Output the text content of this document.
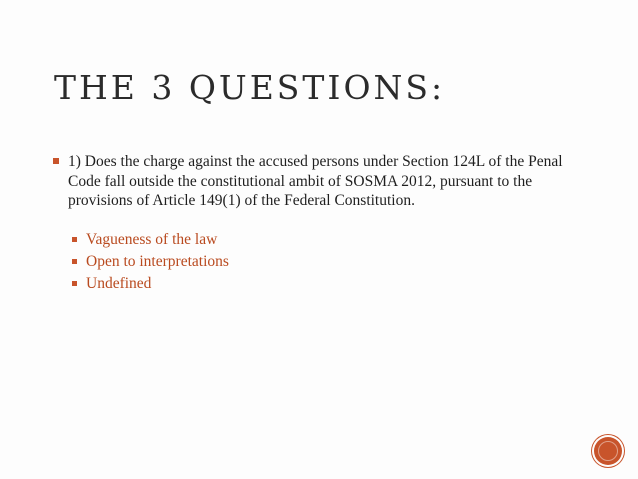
THE 3 QUESTIONS:
1) Does the charge against the accused persons under Section 124L of the Penal Code fall outside the constitutional ambit of SOSMA 2012, pursuant to the provisions of Article 149(1) of the Federal Constitution.
Vagueness of the law
Open to interpretations
Undefined
